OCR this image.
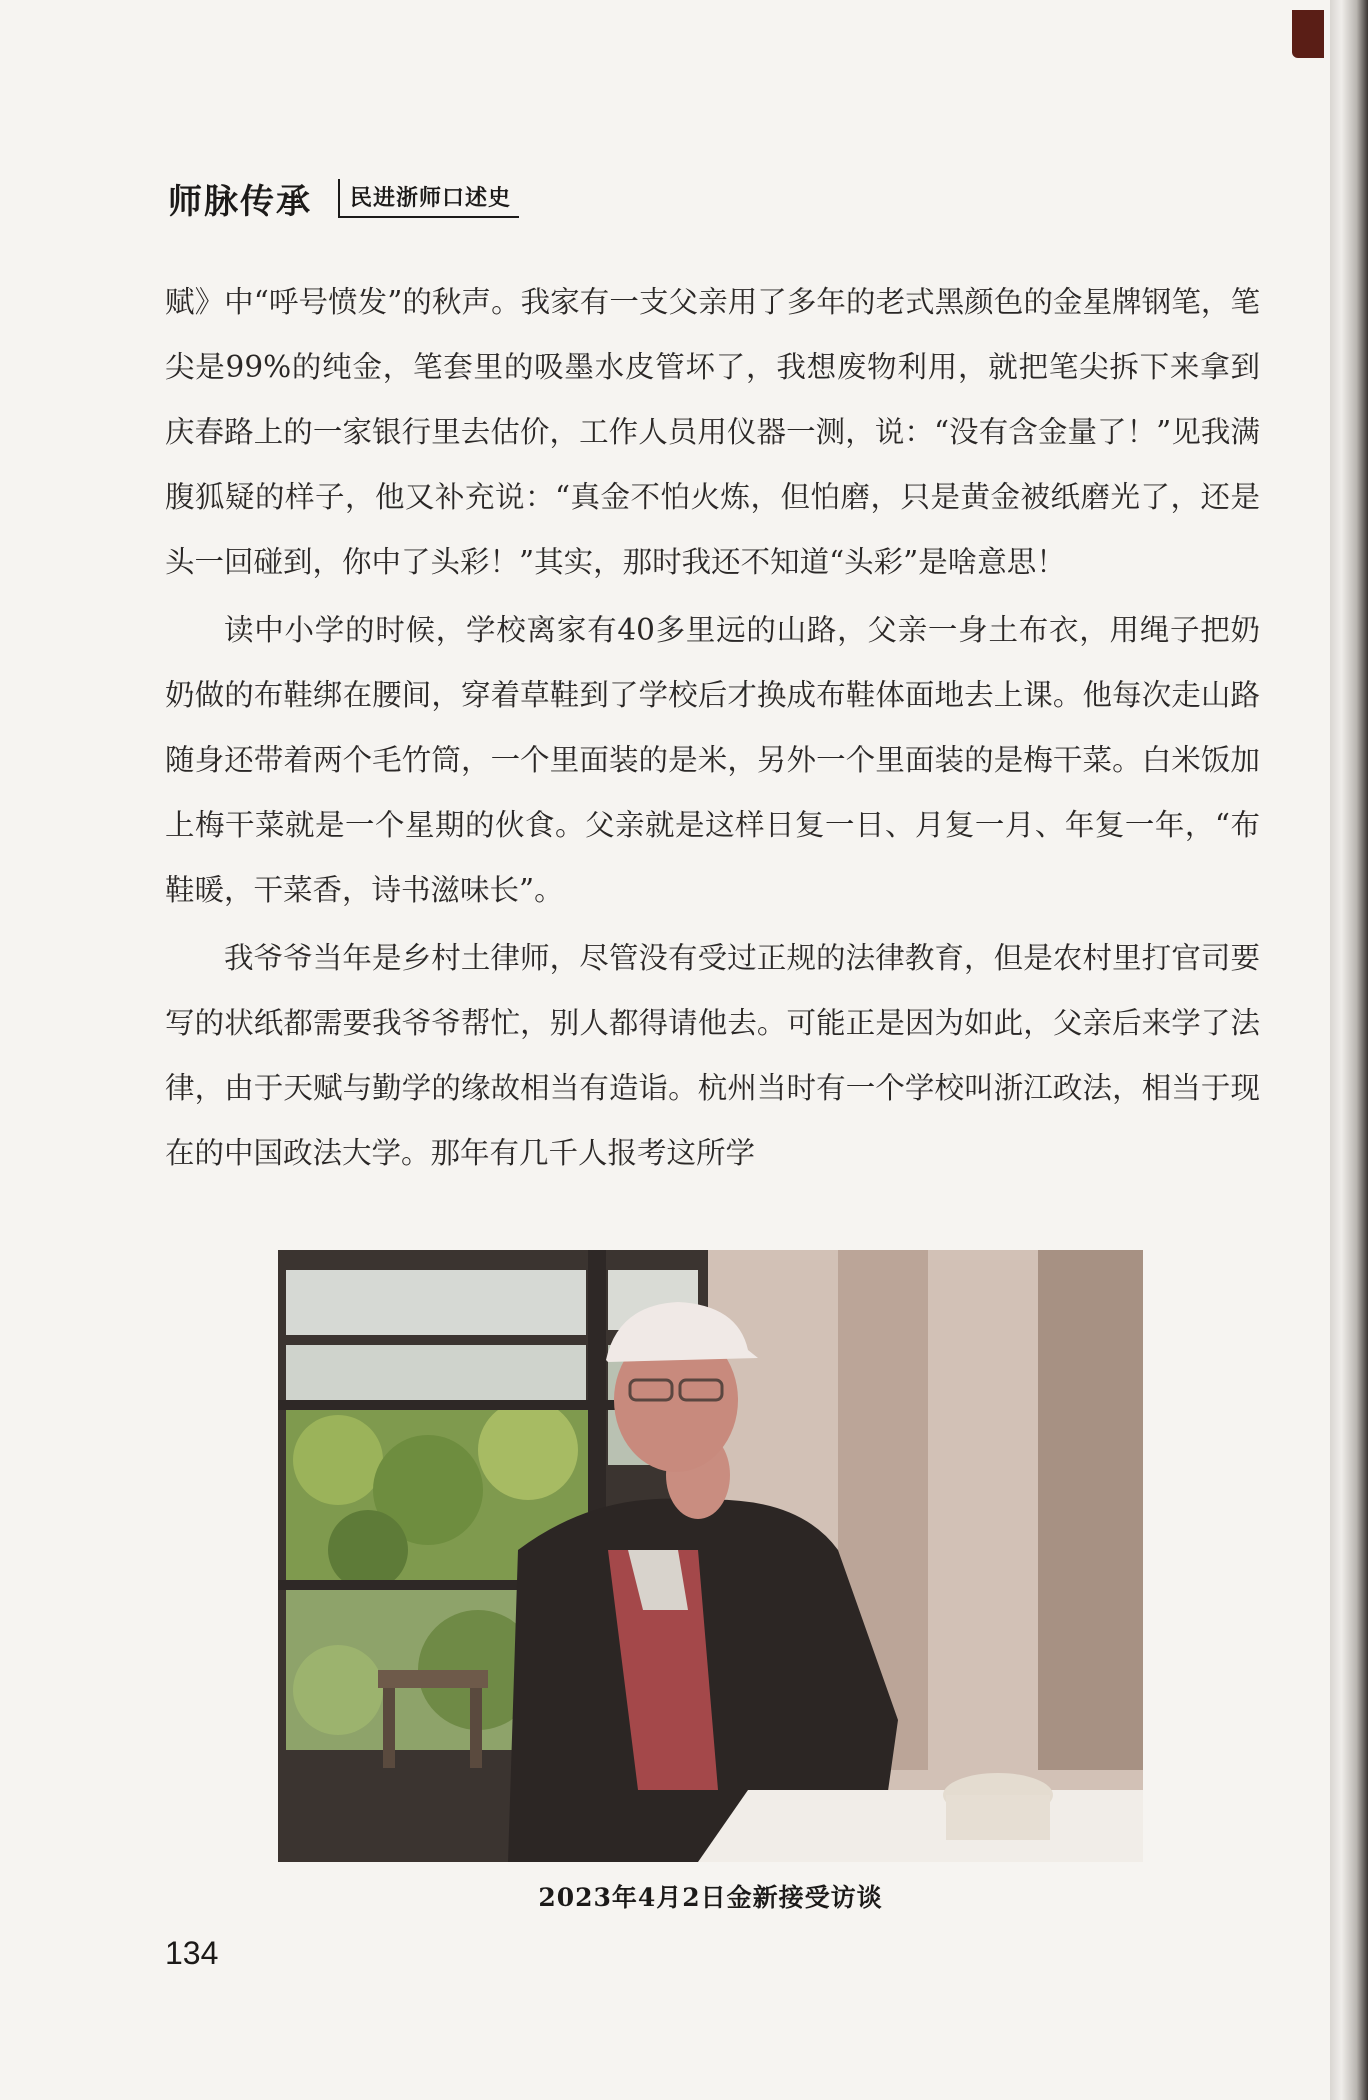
师脉传承	民进浙师口述史

赋》中“呼号愤发”的秋声。我家有一支父亲用了多年的老式黑颜色的金星牌钢笔，笔尖是99%的纯金，笔套里的吸墨水皮管坏了，我想废物利用，就把笔尖拆下来拿到庆春路上的一家银行里去估价，工作人员用仪器一测，说：“没有含金量了！”见我满腹狐疑的样子，他又补充说：“真金不怕火炼，但怕磨，只是黄金被纸磨光了，还是头一回碰到，你中了头彩！”其实，那时我还不知道“头彩”是啥意思！

读中小学的时候，学校离家有40多里远的山路，父亲一身土布衣，用绳子把奶奶做的布鞋绑在腰间，穿着草鞋到了学校后才换成布鞋体面地去上课。他每次走山路随身还带着两个毛竹筒，一个里面装的是米，另外一个里面装的是梅干菜。白米饭加上梅干菜就是一个星期的伙食。父亲就是这样日复一日、月复一月、年复一年，“布鞋暖，干菜香，诗书滋味长”。

我爷爷当年是乡村土律师，尽管没有受过正规的法律教育，但是农村里打官司要写的状纸都需要我爷爷帮忙，别人都得请他去。可能正是因为如此，父亲后来学了法律，由于天赋与勤学的缘故相当有造诣。杭州当时有一个学校叫浙江政法，相当于现在的中国政法大学。那年有几千人报考这所学

2023年4月2日金新接受访谈
134
